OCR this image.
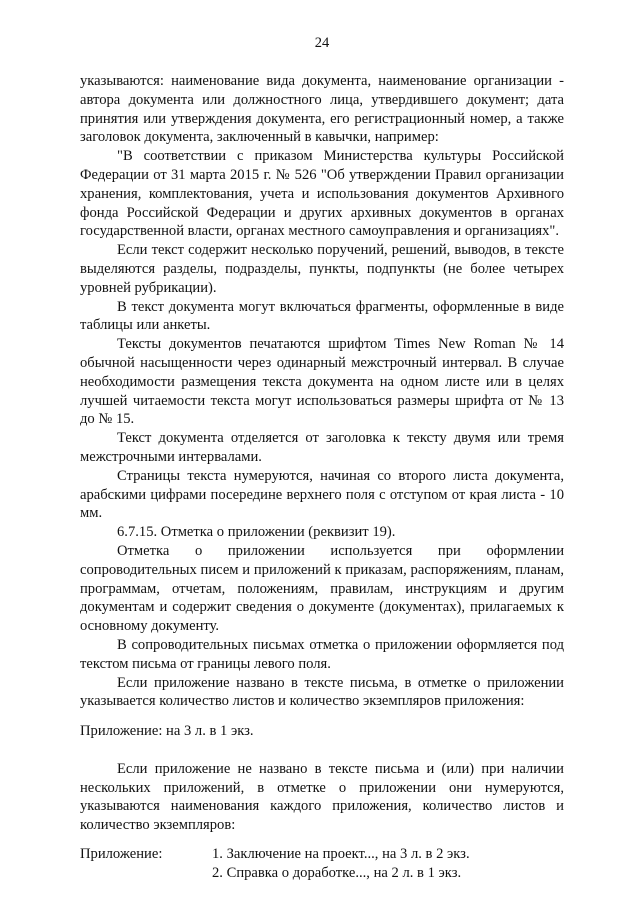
24

указываются: наименование вида документа, наименование организации - автора документа или должностного лица, утвердившего документ; дата принятия или утверждения документа, его регистрационный номер, а также заголовок документа, заключенный в кавычки, например:

"В соответствии с приказом Министерства культуры Российской Федерации от 31 марта 2015 г. № 526 "Об утверждении Правил организации хранения, комплектования, учета и использования документов Архивного фонда Российской Федерации и других архивных документов в органах государственной власти, органах местного самоуправления и организациях".

Если текст содержит несколько поручений, решений, выводов, в тексте выделяются разделы, подразделы, пункты, подпункты (не более четырех уровней рубрикации).

В текст документа могут включаться фрагменты, оформленные в виде таблицы или анкеты.

Тексты документов печатаются шрифтом Times New Roman № 14 обычной насыщенности через одинарный межстрочный интервал. В случае необходимости размещения текста документа на одном листе или в целях лучшей читаемости текста могут использоваться размеры шрифта от № 13 до № 15.

Текст документа отделяется от заголовка к тексту двумя или тремя межстрочными интервалами.

Страницы текста нумеруются, начиная со второго листа документа, арабскими цифрами посередине верхнего поля с отступом от края листа - 10 мм.

6.7.15. Отметка о приложении (реквизит 19).

Отметка о приложении используется при оформлении сопроводительных писем и приложений к приказам, распоряжениям, планам, программам, отчетам, положениям, правилам, инструкциям и другим документам и содержит сведения о документе (документах), прилагаемых к основному документу.

В сопроводительных письмах отметка о приложении оформляется под текстом письма от границы левого поля.

Если приложение названо в тексте письма, в отметке о приложении указывается количество листов и количество экземпляров приложения:

Приложение: на 3 л. в 1 экз.

Если приложение не названо в тексте письма и (или) при наличии нескольких приложений, в отметке о приложении они нумеруются, указываются наименования каждого приложения, количество листов и количество экземпляров:

Приложение:	1. Заключение на проект..., на 3 л. в 2 экз.
2. Справка о доработке..., на 2 л. в 1 экз.
